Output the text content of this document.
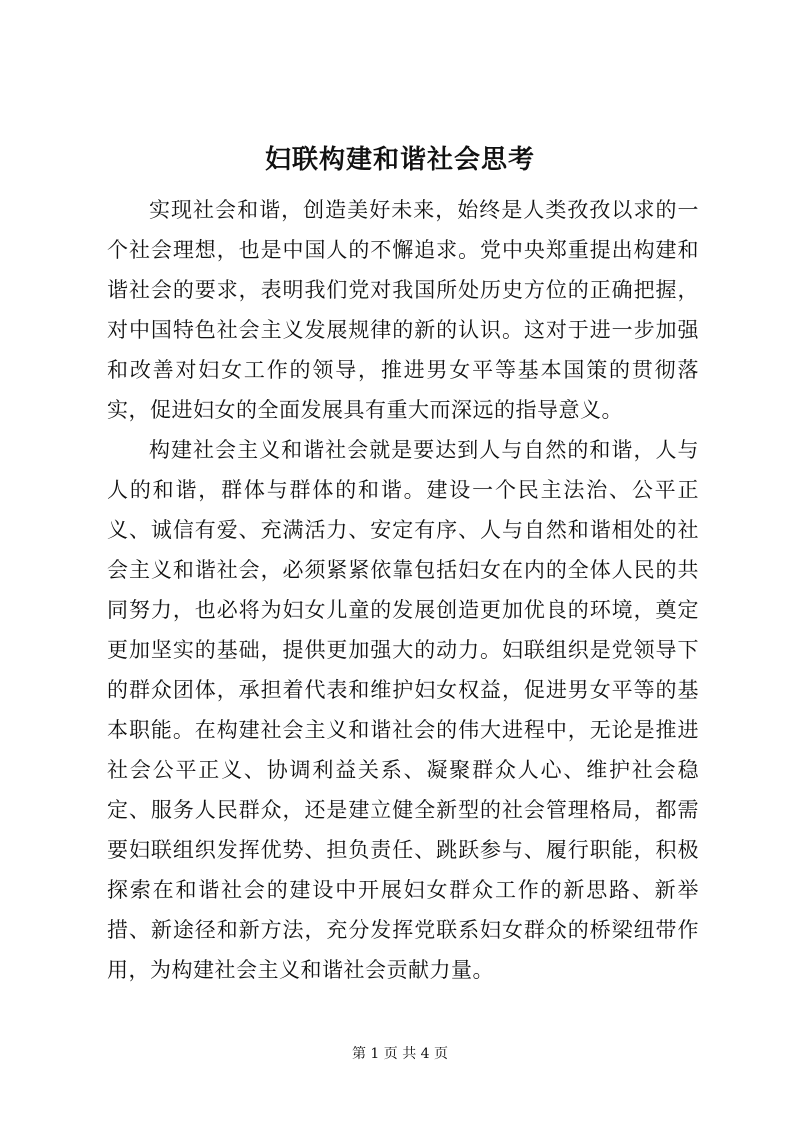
妇联构建和谐社会思考

实现社会和谐，创造美好未来，始终是人类孜孜以求的一个社会理想，也是中国人的不懈追求。党中央郑重提出构建和谐社会的要求，表明我们党对我国所处历史方位的正确把握，对中国特色社会主义发展规律的新的认识。这对于进一步加强和改善对妇女工作的领导，推进男女平等基本国策的贯彻落实，促进妇女的全面发展具有重大而深远的指导意义。

构建社会主义和谐社会就是要达到人与自然的和谐，人与人的和谐，群体与群体的和谐。建设一个民主法治、公平正义、诚信有爱、充满活力、安定有序、人与自然和谐相处的社会主义和谐社会，必须紧紧依靠包括妇女在内的全体人民的共同努力，也必将为妇女儿童的发展创造更加优良的环境，奠定更加坚实的基础，提供更加强大的动力。妇联组织是党领导下的群众团体，承担着代表和维护妇女权益，促进男女平等的基本职能。在构建社会主义和谐社会的伟大进程中，无论是推进社会公平正义、协调利益关系、凝聚群众人心、维护社会稳定、服务人民群众，还是建立健全新型的社会管理格局，都需要妇联组织发挥优势、担负责任、跳跃参与、履行职能，积极探索在和谐社会的建设中开展妇女群众工作的新思路、新举措、新途径和新方法，充分发挥党联系妇女群众的桥梁纽带作用，为构建社会主义和谐社会贡献力量。

第 1 页 共 4 页
